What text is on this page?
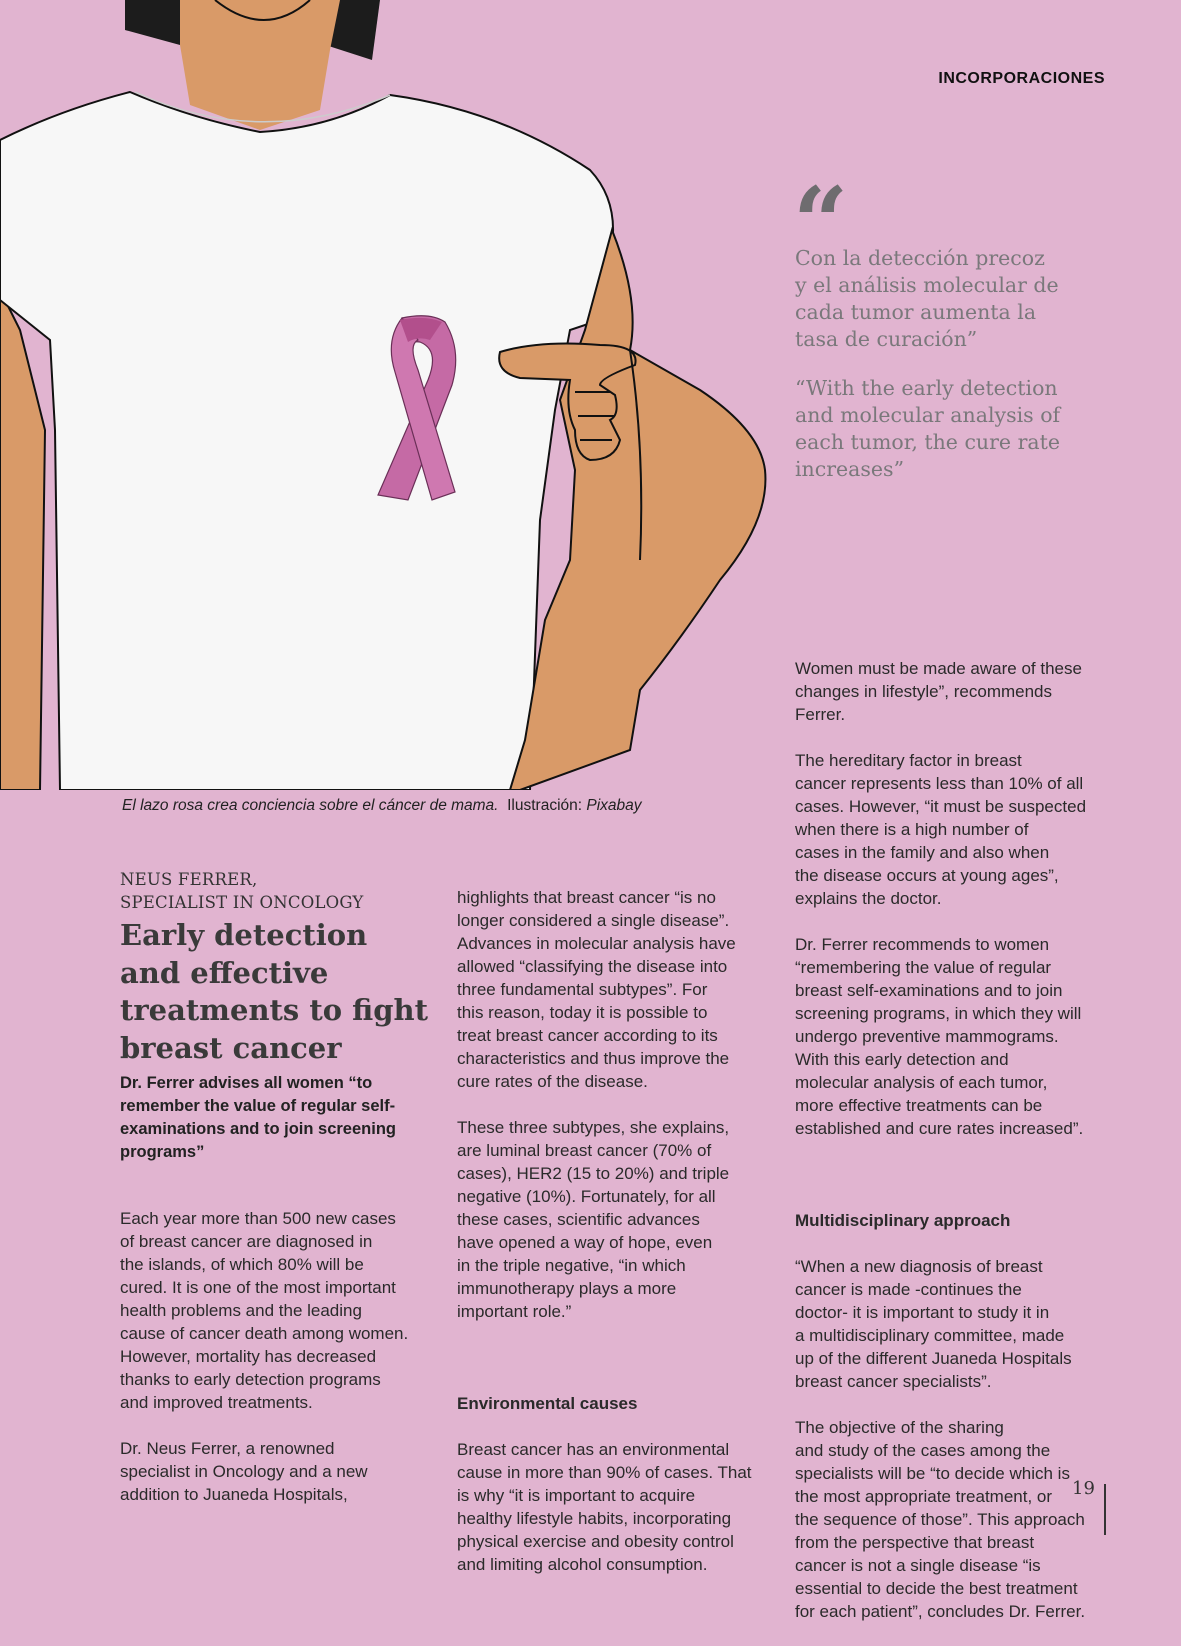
INCORPORACIONES
“

Con la detección precoz
y el análisis molecular de
cada tumor aumenta la
tasa de curación”

“With the early detection
and molecular analysis of
each tumor, the cure rate
increases”

El lazo rosa crea conciencia sobre el cáncer de mama. Ilustración: Pixabay

NEUS FERRER,
SPECIALIST IN ONCOLOGY

Early detection
and effective
treatments to fight
breast cancer

Dr. Ferrer advises all women “to
remember the value of regular self-
examinations and to join screening
programs”

Each year more than 500 new cases
of breast cancer are diagnosed in
the islands, of which 80% will be
cured. It is one of the most important
health problems and the leading
cause of cancer death among women.
However, mortality has decreased
thanks to early detection programs
and improved treatments.

Dr. Neus Ferrer, a renowned
specialist in Oncology and a new
addition to Juaneda Hospitals,

highlights that breast cancer “is no
longer considered a single disease”.
Advances in molecular analysis have
allowed “classifying the disease into
three fundamental subtypes”. For
this reason, today it is possible to
treat breast cancer according to its
characteristics and thus improve the
cure rates of the disease.

These three subtypes, she explains,
are luminal breast cancer (70% of
cases), HER2 (15 to 20%) and triple
negative (10%). Fortunately, for all
these cases, scientific advances
have opened a way of hope, even
in the triple negative, “in which
immunotherapy plays a more
important role.”

Environmental causes

Breast cancer has an environmental
cause in more than 90% of cases. That
is why “it is important to acquire
healthy lifestyle habits, incorporating
physical exercise and obesity control
and limiting alcohol consumption.

Women must be made aware of these
changes in lifestyle”, recommends
Ferrer.

The hereditary factor in breast
cancer represents less than 10% of all
cases. However, “it must be suspected
when there is a high number of
cases in the family and also when
the disease occurs at young ages”,
explains the doctor.

Dr. Ferrer recommends to women
“remembering the value of regular
breast self-examinations and to join
screening programs, in which they will
undergo preventive mammograms.
With this early detection and
molecular analysis of each tumor,
more effective treatments can be
established and cure rates increased”.

Multidisciplinary approach

“When a new diagnosis of breast
cancer is made -continues the
doctor- it is important to study it in
a multidisciplinary committee, made
up of the different Juaneda Hospitals
breast cancer specialists”.

The objective of the sharing
and study of the cases among the
specialists will be “to decide which is
the most appropriate treatment, or
the sequence of those”. This approach
from the perspective that breast
cancer is not a single disease “is
essential to decide the best treatment
for each patient”, concludes Dr. Ferrer.

19
